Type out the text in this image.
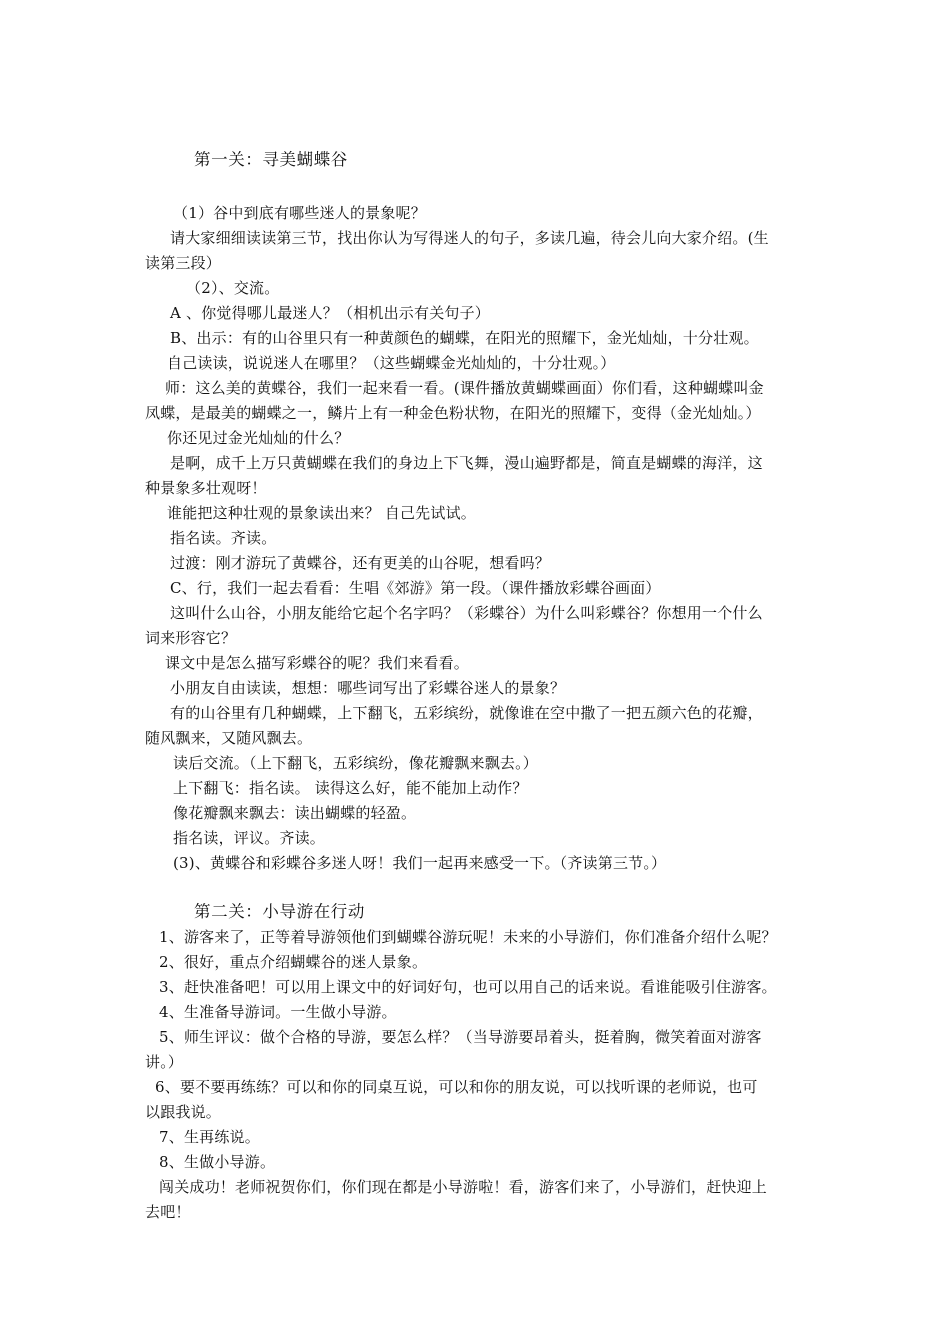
第一关：寻美蝴蝶谷
（1）谷中到底有哪些迷人的景象呢？
请大家细细读读第三节，找出你认为写得迷人的句子，多读几遍，待会儿向大家介绍。(生
读第三段）
（2）、交流。
A 、你觉得哪儿最迷人？（相机出示有关句子）
B、出示：有的山谷里只有一种黄颜色的蝴蝶，在阳光的照耀下，金光灿灿，十分壮观。
自己读读，说说迷人在哪里？（这些蝴蝶金光灿灿的，十分壮观。）
师：这么美的黄蝶谷，我们一起来看一看。(课件播放黄蝴蝶画面）你们看，这种蝴蝶叫金
凤蝶，是最美的蝴蝶之一，鳞片上有一种金色粉状物，在阳光的照耀下，变得（金光灿灿。）
你还见过金光灿灿的什么？
是啊，成千上万只黄蝴蝶在我们的身边上下飞舞，漫山遍野都是，简直是蝴蝶的海洋，这
种景象多壮观呀！
谁能把这种壮观的景象读出来？ 自己先试试。
指名读。齐读。
过渡：刚才游玩了黄蝶谷，还有更美的山谷呢，想看吗？
C、行，我们一起去看看：生唱《郊游》第一段。（课件播放彩蝶谷画面）
这叫什么山谷，小朋友能给它起个名字吗？（彩蝶谷）为什么叫彩蝶谷？你想用一个什么
词来形容它？
课文中是怎么描写彩蝶谷的呢？我们来看看。
小朋友自由读读，想想：哪些词写出了彩蝶谷迷人的景象？
有的山谷里有几种蝴蝶，上下翻飞，五彩缤纷，就像谁在空中撒了一把五颜六色的花瓣，
随风飘来，又随风飘去。
读后交流。（上下翻飞，五彩缤纷，像花瓣飘来飘去。）
上下翻飞：指名读。 读得这么好，能不能加上动作？
像花瓣飘来飘去：读出蝴蝶的轻盈。
指名读，评议。齐读。
(3)、黄蝶谷和彩蝶谷多迷人呀！我们一起再来感受一下。（齐读第三节。）
第二关：小导游在行动
1、游客来了，正等着导游领他们到蝴蝶谷游玩呢！未来的小导游们，你们准备介绍什么呢？
2、很好，重点介绍蝴蝶谷的迷人景象。
3、赶快准备吧！可以用上课文中的好词好句，也可以用自己的话来说。看谁能吸引住游客。
4、生准备导游词。一生做小导游。
5、师生评议：做个合格的导游，要怎么样？（当导游要昂着头，挺着胸，微笑着面对游客
讲。）
6、要不要再练练？可以和你的同桌互说，可以和你的朋友说，可以找听课的老师说，也可
以跟我说。
7、生再练说。
8、生做小导游。
闯关成功！老师祝贺你们，你们现在都是小导游啦！看，游客们来了，小导游们，赶快迎上
去吧！
